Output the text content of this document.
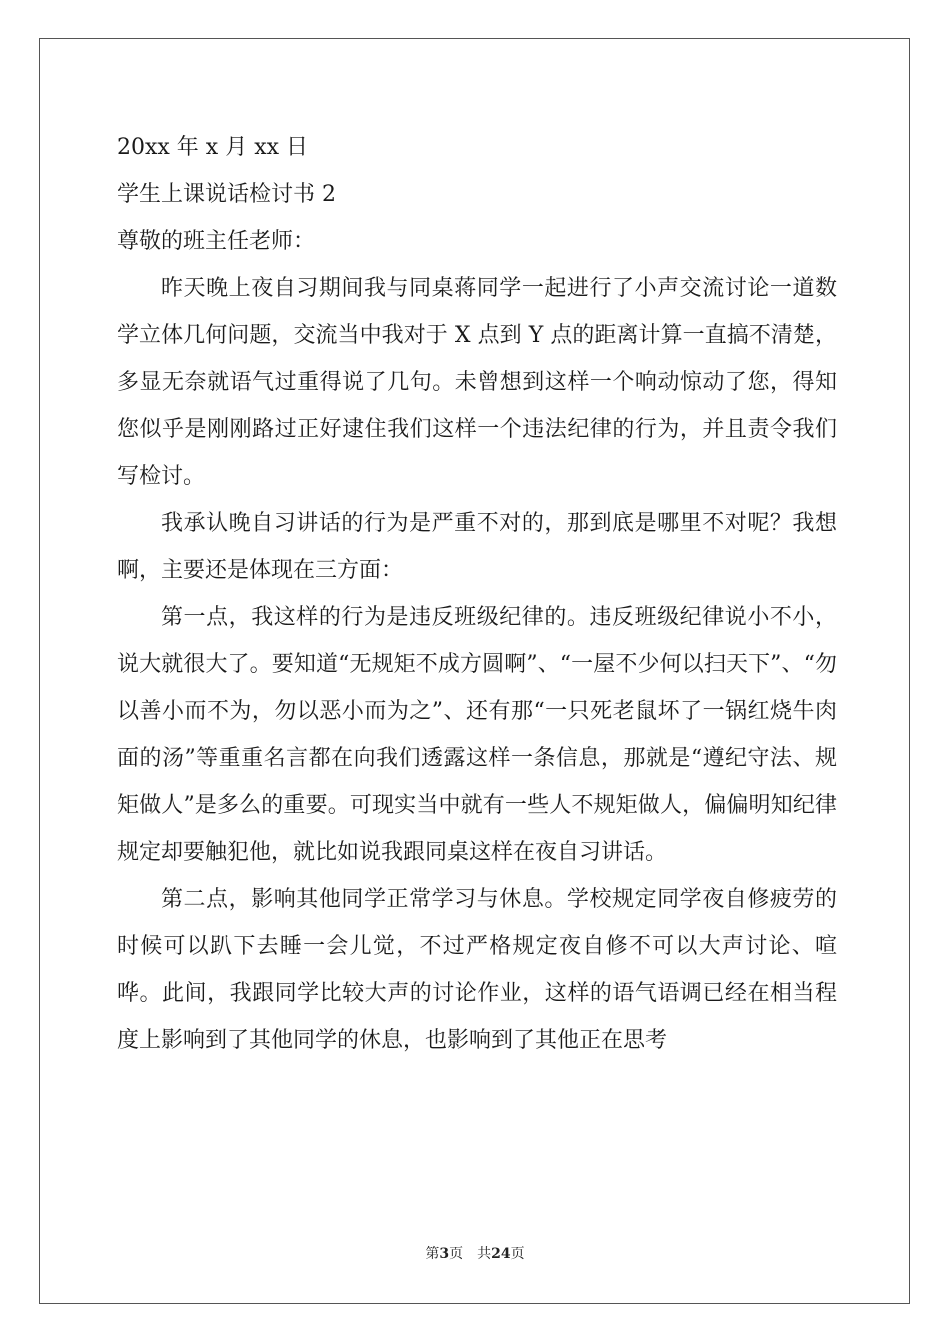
20xx 年 x 月 xx 日

学生上课说话检讨书 2

尊敬的班主任老师：

昨天晚上夜自习期间我与同桌蒋同学一起进行了小声交流讨论一道数学立体几何问题，交流当中我对于 X 点到 Y 点的距离计算一直搞不清楚，多显无奈就语气过重得说了几句。未曾想到这样一个响动惊动了您，得知您似乎是刚刚路过正好逮住我们这样一个违法纪律的行为，并且责令我们写检讨。

我承认晚自习讲话的行为是严重不对的，那到底是哪里不对呢？我想啊，主要还是体现在三方面：

第一点，我这样的行为是违反班级纪律的。违反班级纪律说小不小，说大就很大了。要知道“无规矩不成方圆啊”、“一屋不少何以扫天下”、“勿以善小而不为，勿以恶小而为之”、还有那“一只死老鼠坏了一锅红烧牛肉面的汤”等重重名言都在向我们透露这样一条信息，那就是“遵纪守法、规矩做人”是多么的重要。可现实当中就有一些人不规矩做人，偏偏明知纪律规定却要触犯他，就比如说我跟同桌这样在夜自习讲话。

第二点，影响其他同学正常学习与休息。学校规定同学夜自修疲劳的时候可以趴下去睡一会儿觉，不过严格规定夜自修不可以大声讨论、喧哗。此间，我跟同学比较大声的讨论作业，这样的语气语调已经在相当程度上影响到了其他同学的休息，也影响到了其他正在思考

第3页 共24页
